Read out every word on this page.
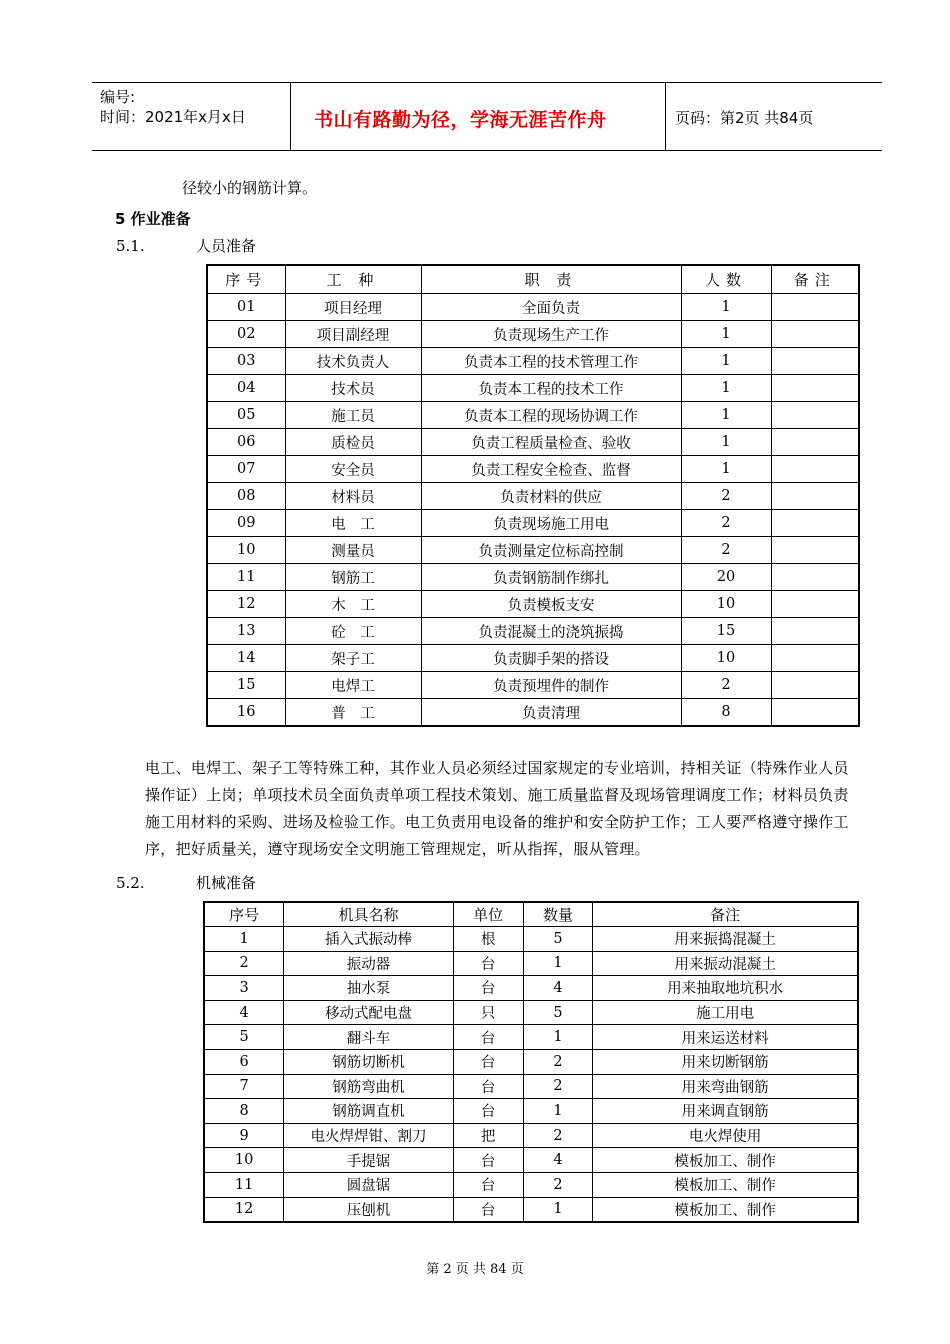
编号:
时间：2021年x月x日	书山有路勤为径，学海无涯苦作舟	页码：第2页 共84页
径较小的钢筋计算。
5 作业准备
5.1.	人员准备
序号	工 种	职 责	人数	备注
01	项目经理	全面负责	1	
02	项目副经理	负责现场生产工作	1	
03	技术负责人	负责本工程的技术管理工作	1	
04	技术员	负责本工程的技术工作	1	
05	施工员	负责本工程的现场协调工作	1	
06	质检员	负责工程质量检查、验收	1	
07	安全员	负责工程安全检查、监督	1	
08	材料员	负责材料的供应	2	
09	电　工	负责现场施工用电	2	
10	测量员	负责测量定位标高控制	2	
11	钢筋工	负责钢筋制作绑扎	20	
12	木　工	负责模板支安	10	
13	砼　工	负责混凝土的浇筑振捣	15	
14	架子工	负责脚手架的搭设	10	
15	电焊工	负责预埋件的制作	2	
16	普　工	负责清理	8	
电工、电焊工、架子工等特殊工种，其作业人员必须经过国家规定的专业培训，持相关证（特殊作业人员操作证）上岗；单项技术员全面负责单项工程技术策划、施工质量监督及现场管理调度工作；材料员负责施工用材料的采购、进场及检验工作。电工负责用电设备的维护和安全防护工作；工人要严格遵守操作工序，把好质量关，遵守现场安全文明施工管理规定，听从指挥，服从管理。
5.2.	机械准备
序号	机具名称	单位	数量	备注
1	插入式振动棒	根	5	用来振捣混凝土
2	振动器	台	1	用来振动混凝土
3	抽水泵	台	4	用来抽取地坑积水
4	移动式配电盘	只	5	施工用电
5	翻斗车	台	1	用来运送材料
6	钢筋切断机	台	2	用来切断钢筋
7	钢筋弯曲机	台	2	用来弯曲钢筋
8	钢筋调直机	台	1	用来调直钢筋
9	电火焊焊钳、割刀	把	2	电火焊使用
10	手提锯	台	4	模板加工、制作
11	圆盘锯	台	2	模板加工、制作
12	压刨机	台	1	模板加工、制作
第 2 页 共 84 页
